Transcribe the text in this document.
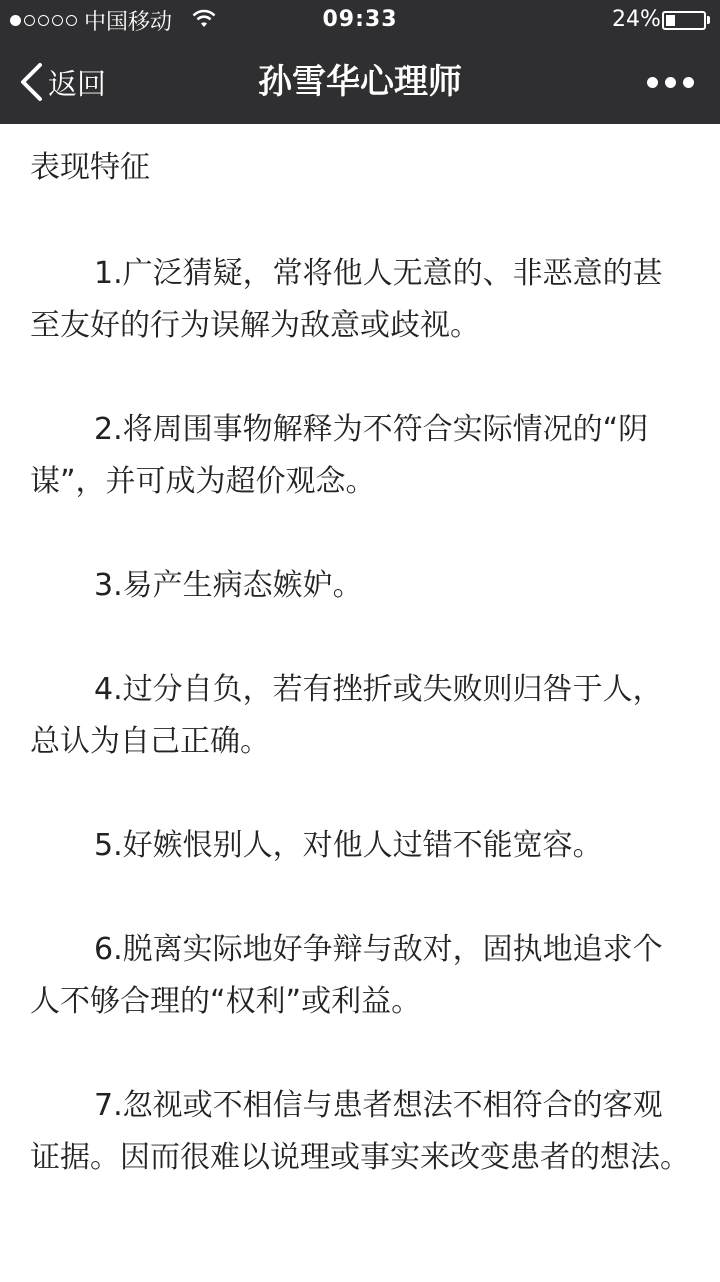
中国移动	09:33	24%
返回	孙雪华心理师
表现特征

1.广泛猜疑，常将他人无意的、非恶意的甚至友好的行为误解为敌意或歧视。

2.将周围事物解释为不符合实际情况的“阴谋”，并可成为超价观念。

3.易产生病态嫉妒。

4.过分自负，若有挫折或失败则归咎于人，总认为自己正确。

5.好嫉恨别人，对他人过错不能宽容。

6.脱离实际地好争辩与敌对，固执地追求个人不够合理的“权利”或利益。

7.忽视或不相信与患者想法不相符合的客观证据。因而很难以说理或事实来改变患者的想法。
